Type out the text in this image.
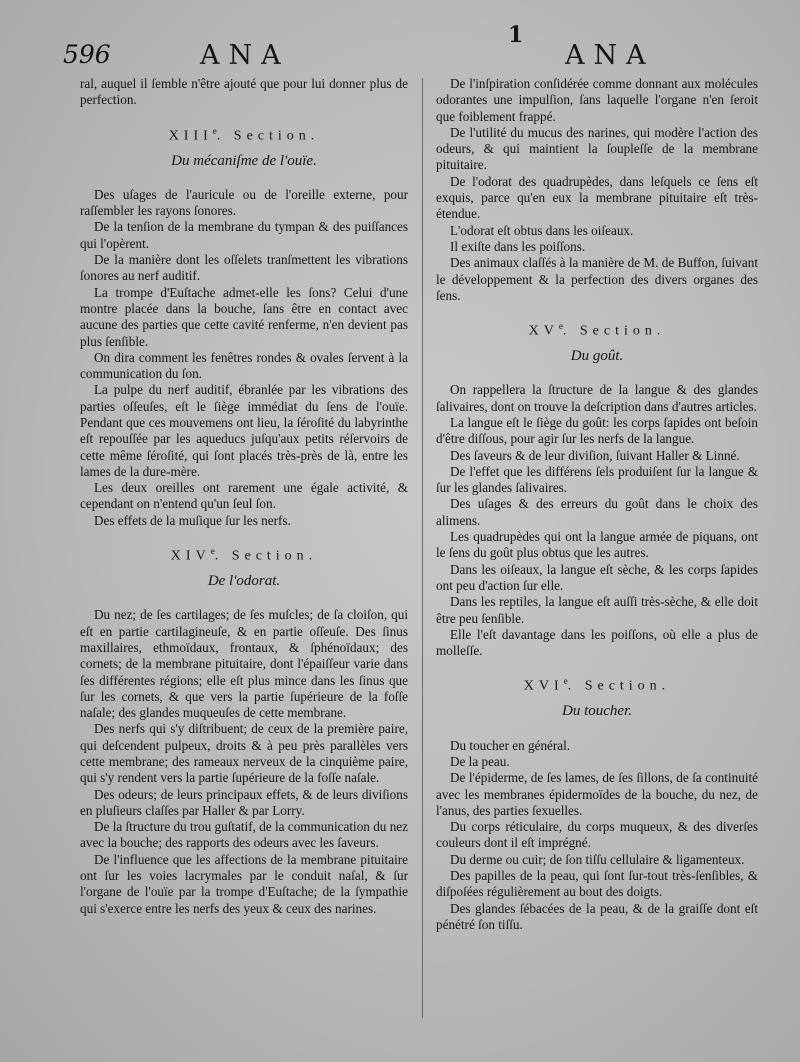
596	ANA
1
ANA

ral, auquel il ſemble n'être ajouté que pour lui donner plus de perfection.

XIIIe. Section.
Du mécaniſme de l'ouïe.

Des uſages de l'auricule ou de l'oreille externe, pour raſſembler les rayons ſonores.

De la tenſion de la membrane du tympan & des puiſſances qui l'opèrent.

De la manière dont les oſſelets tranſmettent les vibrations ſonores au nerf auditif.

La trompe d'Euſtache admet-elle les ſons? Celui d'une montre placée dans la bouche, ſans être en contact avec aucune des parties que cette cavité renferme, n'en devient pas plus ſenſible.

On dira comment les fenêtres rondes & ovales ſervent à la communication du ſon.

La pulpe du nerf auditif, ébranlée par les vibrations des parties oſſeuſes, eſt le ſiège immédiat du ſens de l'ouïe. Pendant que ces mouvemens ont lieu, la ſéroſité du labyrinthe eſt repouſſée par les aqueducs juſqu'aux petits réſervoirs de cette même ſéroſité, qui ſont placés très-près de là, entre les lames de la dure-mère.

Les deux oreilles ont rarement une égale activité, & cependant on n'entend qu'un ſeul ſon.

Des effets de la muſique ſur les nerfs.

XIVe. Section.
De l'odorat.

Du nez; de ſes cartilages; de ſes muſcles; de ſa cloiſon, qui eſt en partie cartilagineuſe, & en partie oſſeuſe. Des ſinus maxillaires, ethmoïdaux, frontaux, & ſphénoïdaux; des cornets; de la membrane pituitaire, dont l'épaiſſeur varie dans ſes différentes régions; elle eſt plus mince dans les ſinus que ſur les cornets, & que vers la partie ſupérieure de la foſſe naſale; des glandes muqueuſes de cette membrane.

Des nerfs qui s'y diſtribuent; de ceux de la première paire, qui deſcendent pulpeux, droits & à peu près parallèles vers cette membrane; des rameaux nerveux de la cinquième paire, qui s'y rendent vers la partie ſupérieure de la foſſe naſale.

Des odeurs; de leurs principaux effets, & de leurs diviſions en pluſieurs claſſes par Haller & par Lorry.

De la ſtructure du trou guſtatif, de la communication du nez avec la bouche; des rapports des odeurs avec les ſaveurs.

De l'influence que les affections de la membrane pituitaire ont ſur les voies lacrymales par le conduit naſal, & ſur l'organe de l'ouïe par la trompe d'Euſtache; de la ſympathie qui s'exerce entre les nerfs des yeux & ceux des narines.

De l'inſpiration conſidérée comme donnant aux molécules odorantes une impulſion, ſans laquelle l'organe n'en ſeroit que foiblement frappé.

De l'utilité du mucus des narines, qui modère l'action des odeurs, & qui maintient la ſoupleſſe de la membrane pituitaire.

De l'odorat des quadrupèdes, dans leſquels ce ſens eſt exquis, parce qu'en eux la membrane pituitaire eſt très-étendue.

L'odorat eſt obtus dans les oiſeaux.

Il exiſte dans les poiſſons.

Des animaux claſſés à la manière de M. de Buffon, ſuivant le développement & la perfection des divers organes des ſens.

XVe. Section.
Du goût.

On rappellera la ſtructure de la langue & des glandes ſalivaires, dont on trouve la deſcription dans d'autres articles.

La langue eſt le ſiège du goût: les corps ſapides ont beſoin d'être diſſous, pour agir ſur les nerfs de la langue.

Des ſaveurs & de leur diviſion, ſuivant Haller & Linné.

De l'effet que les différens ſels produiſent ſur la langue & ſur les glandes ſalivaires.

Des uſages & des erreurs du goût dans le choix des alimens.

Les quadrupèdes qui ont la langue armée de piquans, ont le ſens du goût plus obtus que les autres.

Dans les oiſeaux, la langue eſt sèche, & les corps ſapides ont peu d'action ſur elle.

Dans les reptiles, la langue eſt auſſi très-sèche, & elle doit être peu ſenſible.

Elle l'eſt davantage dans les poiſſons, où elle a plus de molleſſe.

XVIe. Section.
Du toucher.

Du toucher en général.

De la peau.

De l'épiderme, de ſes lames, de ſes ſillons, de ſa continuité avec les membranes épidermoïdes de la bouche, du nez, de l'anus, des parties ſexuelles.

Du corps réticulaire, du corps muqueux, & des diverſes couleurs dont il eſt imprégné.

Du derme ou cuir; de ſon tiſſu cellulaire & ligamenteux.

Des papilles de la peau, qui ſont ſur-tout très-ſenſibles, & diſpoſées régulièrement au bout des doigts.

Des glandes ſébacées de la peau, & de la graiſſe dont eſt pénétré ſon tiſſu.
